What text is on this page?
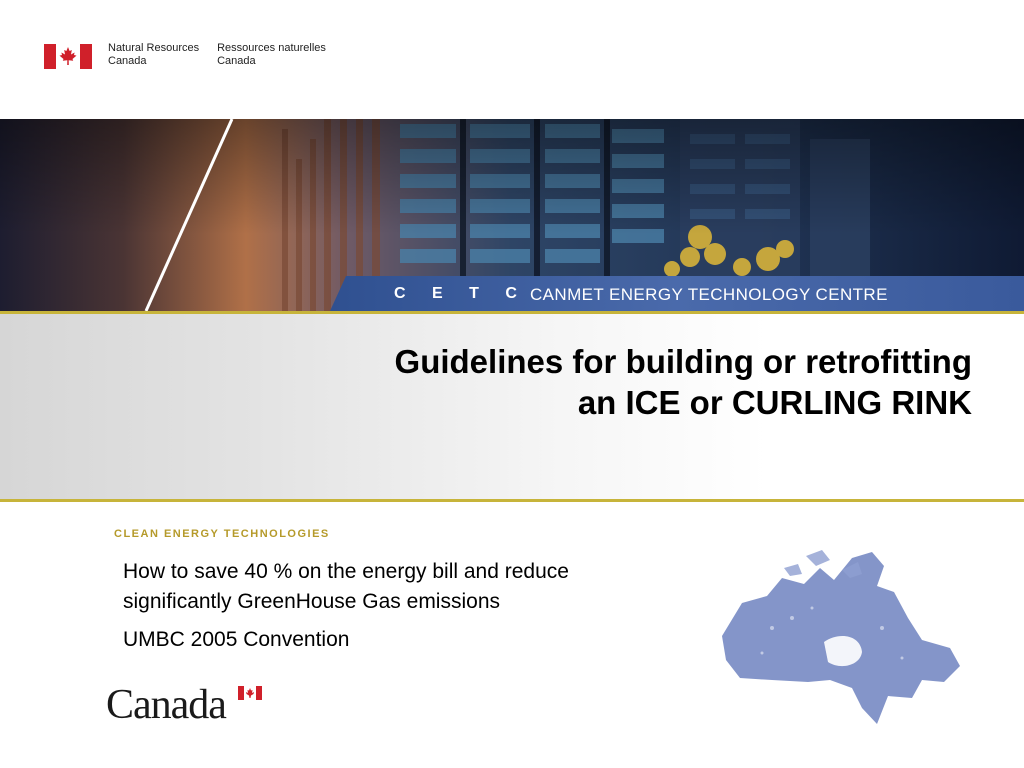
Natural Resources
Canada
Ressources naturelles
Canada
C E T C CANMET ENERGY TECHNOLOGY CENTRE
Guidelines for building or retrofitting
an ICE or CURLING RINK
CLEAN ENERGY TECHNOLOGIES

How to save 40 % on the energy bill and reduce significantly GreenHouse Gas emissions

UMBC 2005 Convention

Canada
